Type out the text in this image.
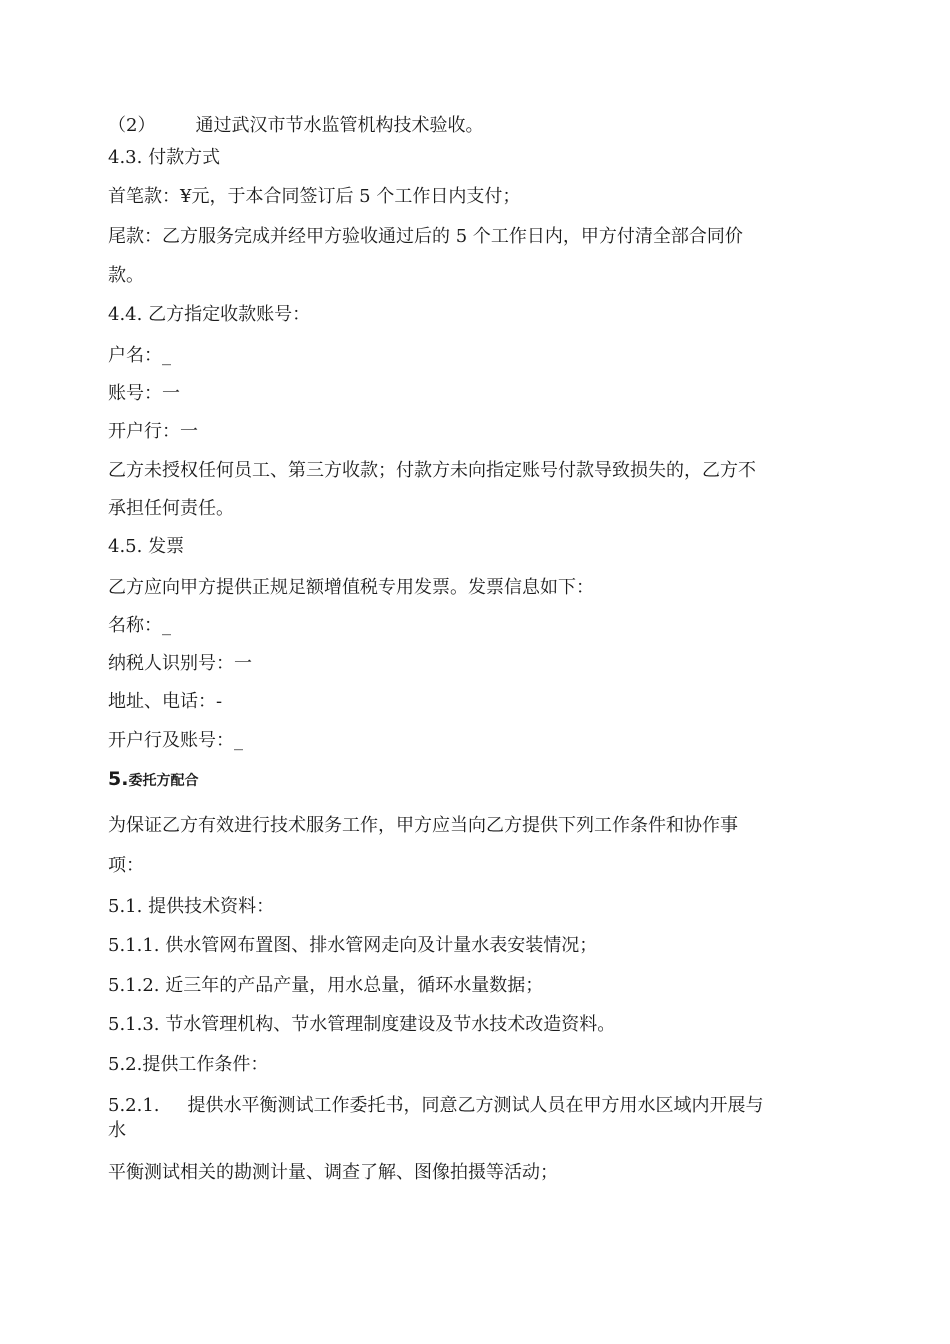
（2） 通过武汉市节水监管机构技术验收。
4.3. 付款方式
首笔款：¥元，于本合同签订后 5 个工作日内支付；
尾款：乙方服务完成并经甲方验收通过后的 5 个工作日内，甲方付清全部合同价
款。
4.4. 乙方指定收款账号：
户名：_
账号：一
开户行：一
乙方未授权任何员工、第三方收款；付款方未向指定账号付款导致损失的，乙方不
承担任何责任。
4.5. 发票
乙方应向甲方提供正规足额增值税专用发票。发票信息如下：
名称：_
纳税人识别号：一
地址、电话：-
开户行及账号：_
5.委托方配合
为保证乙方有效进行技术服务工作，甲方应当向乙方提供下列工作条件和协作事
项：
5.1. 提供技术资料：
5.1.1. 供水管网布置图、排水管网走向及计量水表安装情况；
5.1.2. 近三年的产品产量，用水总量，循环水量数据；
5.1.3. 节水管理机构、节水管理制度建设及节水技术改造资料。
5.2.提供工作条件：
5.2.1. 提供水平衡测试工作委托书，同意乙方测试人员在甲方用水区域内开展与
水
平衡测试相关的勘测计量、调查了解、图像拍摄等活动；
